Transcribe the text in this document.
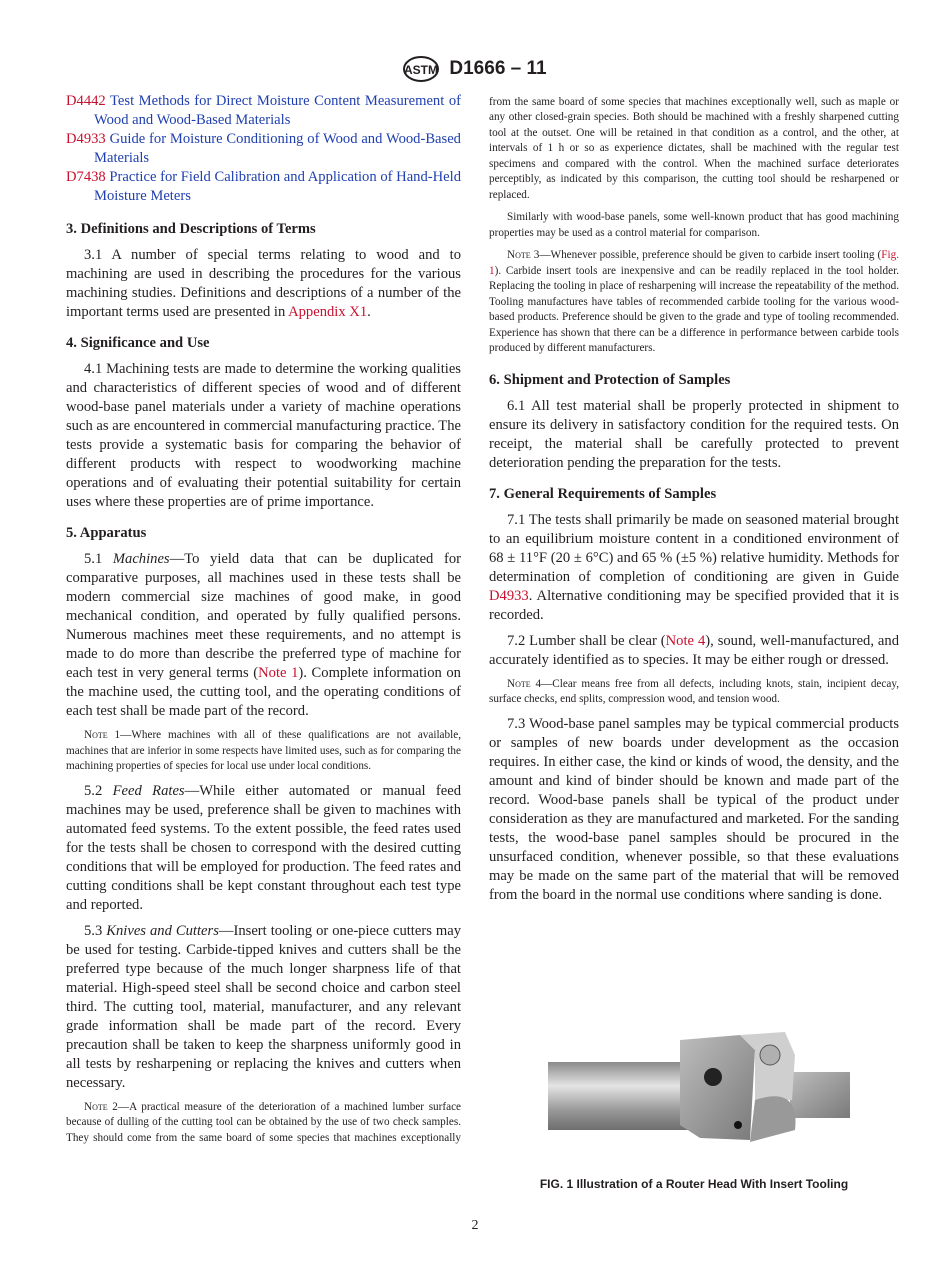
ASTM D1666 – 11

D4442 Test Methods for Direct Moisture Content Measurement of Wood and Wood-Based Materials

D4933 Guide for Moisture Conditioning of Wood and Wood-Based Materials

D7438 Practice for Field Calibration and Application of Hand-Held Moisture Meters

3. Definitions and Descriptions of Terms

3.1 A number of special terms relating to wood and to machining are used in describing the procedures for the various machining studies. Definitions and descriptions of a number of the important terms used are presented in Appendix X1.

4. Significance and Use

4.1 Machining tests are made to determine the working qualities and characteristics of different species of wood and of different wood-base panel materials under a variety of machine operations such as are encountered in commercial manufacturing practice. The tests provide a systematic basis for comparing the behavior of different products with respect to woodworking machine operations and of evaluating their potential suitability for certain uses where these properties are of prime importance.

5. Apparatus

5.1 Machines—To yield data that can be duplicated for comparative purposes, all machines used in these tests shall be modern commercial size machines of good make, in good mechanical condition, and operated by fully qualified persons. Numerous machines meet these requirements, and no attempt is made to do more than describe the preferred type of machine for each test in very general terms (Note 1). Complete information on the machine used, the cutting tool, and the operating conditions of each test shall be made part of the record.

Note 1—Where machines with all of these qualifications are not available, machines that are inferior in some respects have limited uses, such as for comparing the machining properties of species for local use under local conditions.

5.2 Feed Rates—While either automated or manual feed machines may be used, preference shall be given to machines with automated feed systems. To the extent possible, the feed rates used for the tests shall be chosen to correspond with the desired cutting conditions that will be employed for production. The feed rates and cutting conditions shall be kept constant throughout each test type and reported.

5.3 Knives and Cutters—Insert tooling or one-piece cutters may be used for testing. Carbide-tipped knives and cutters shall be the preferred type because of the much longer sharpness life of that material. High-speed steel shall be second choice and carbon steel third. The cutting tool, material, manufacturer, and any relevant grade information shall be made part of the record. Every precaution shall be taken to keep the sharpness uniformly good in all tests by resharpening or replacing the knives and cutters when necessary.

Note 2—A practical measure of the deterioration of a machined lumber surface because of dulling of the cutting tool can be obtained by the use of two check samples. They should come from the same board of some species that machines exceptionally

from the same board of some species that machines exceptionally well, such as maple or any other closed-grain species. Both should be machined with a freshly sharpened cutting tool at the outset. One will be retained in that condition as a control, and the other, at intervals of 1 h or so as experience dictates, shall be machined with the regular test specimens and compared with the control. When the machined surface deteriorates perceptibly, as indicated by this comparison, the cutting tool should be resharpened or replaced.

Similarly with wood-base panels, some well-known product that has good machining properties may be used as a control material for comparison.

Note 3—Whenever possible, preference should be given to carbide insert tooling (Fig. 1). Carbide insert tools are inexpensive and can be readily replaced in the tool holder. Replacing the tooling in place of resharpening will increase the repeatability of the method. Tooling manufactures have tables of recommended carbide tooling for the various wood-based products. Preference should be given to the grade and type of tooling recommended. Experience has shown that there can be a difference in performance between carbide tools produced by different manufacturers.

6. Shipment and Protection of Samples

6.1 All test material shall be properly protected in shipment to ensure its delivery in satisfactory condition for the required tests. On receipt, the material shall be carefully protected to prevent deterioration pending the preparation for the tests.

7. General Requirements of Samples

7.1 The tests shall primarily be made on seasoned material brought to an equilibrium moisture content in a conditioned environment of 68 ± 11°F (20 ± 6°C) and 65 % (±5 %) relative humidity. Methods for determination of completion of conditioning are given in Guide D4933. Alternative conditioning may be specified provided that it is recorded.

7.2 Lumber shall be clear (Note 4), sound, well-manufactured, and accurately identified as to species. It may be either rough or dressed.

Note 4—Clear means free from all defects, including knots, stain, incipient decay, surface checks, end splits, compression wood, and tension wood.

7.3 Wood-base panel samples may be typical commercial products or samples of new boards under development as the occasion requires. In either case, the kind or kinds of wood, the density, and the amount and kind of binder should be known and made part of the record. Wood-base panels shall be typical of the product under consideration as they are manufactured and marketed. For the sanding tests, the wood-base panel samples should be procured in the unsurfaced condition, whenever possible, so that these evaluations may be made on the same part of the material that will be removed from the board in the normal use conditions where sanding is done.

FIG. 1 Illustration of a Router Head With Insert Tooling
2
